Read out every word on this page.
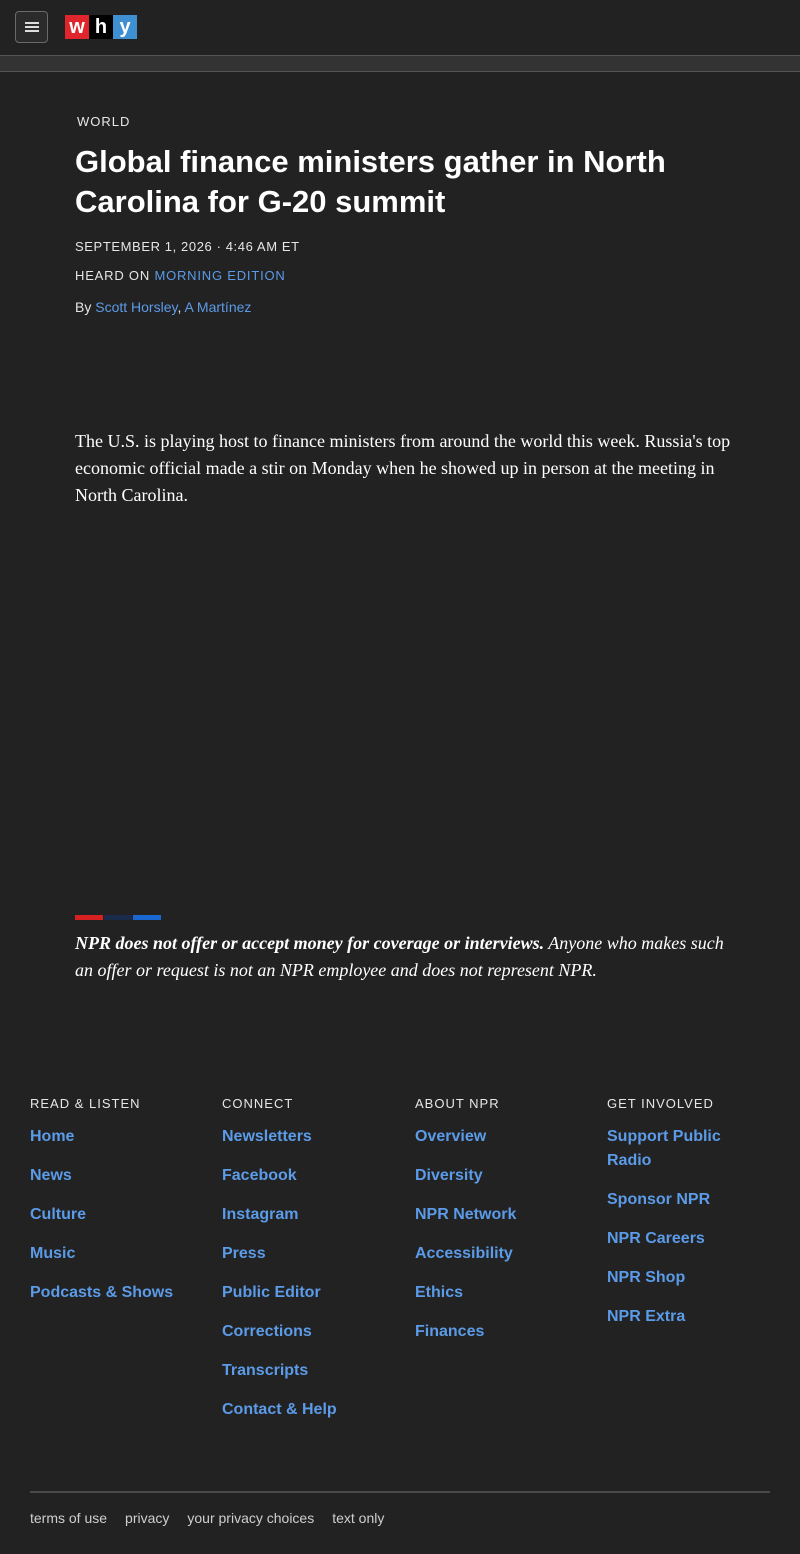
w h y
WORLD
Global finance ministers gather in North Carolina for G-20 summit
SEPTEMBER 1, 2026 · 4:46 AM ET
HEARD ON MORNING EDITION
By Scott Horsley, A Martínez

The U.S. is playing host to finance ministers from around the world this week. Russia's top economic official made a stir on Monday when he showed up in person at the meeting in North Carolina.

NPR does not offer or accept money for coverage or interviews. Anyone who makes such an offer or request is not an NPR employee and does not represent NPR.

READ & LISTEN
Home
News
Culture
Music
Podcasts & Shows
CONNECT
Newsletters
Facebook
Instagram
Press
Public Editor
Corrections
Transcripts
Contact & Help
ABOUT NPR
Overview
Diversity
NPR Network
Accessibility
Ethics
Finances
GET INVOLVED
Support Public Radio
Sponsor NPR
NPR Careers
NPR Shop
NPR Extra
terms of use privacy your privacy choices text only
